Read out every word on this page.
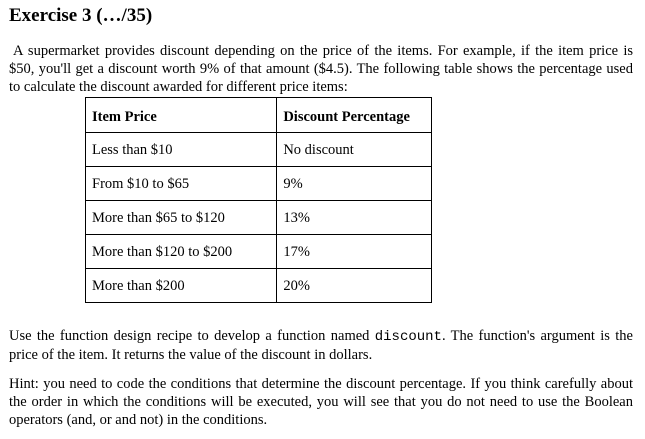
Exercise 3 (…/35)
A supermarket provides discount depending on the price of the items. For example, if the item price is $50, you'll get a discount worth 9% of that amount ($4.5). The following table shows the percentage used to calculate the discount awarded for different price items:
Item Price	Discount Percentage
Less than $10	No discount
From $10 to $65	9%
More than $65 to $120	13%
More than $120 to $200	17%
More than $200	20%
Use the function design recipe to develop a function named discount. The function's argument is the price of the item. It returns the value of the discount in dollars.
Hint: you need to code the conditions that determine the discount percentage. If you think carefully about the order in which the conditions will be executed, you will see that you do not need to use the Boolean operators (and, or and not) in the conditions.
